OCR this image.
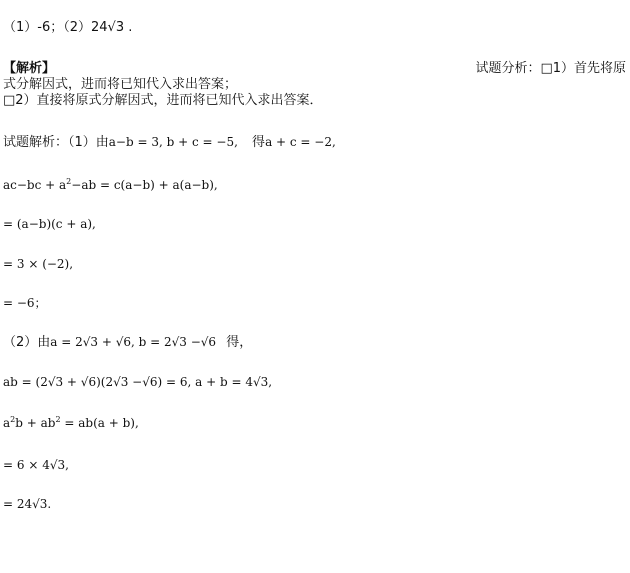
（1）-6；（2）24√3 .
【解析】	试题分析：□1）首先将原
式分解因式，进而将已知代入求出答案；
□2）直接将原式分解因式，进而将已知代入求出答案．
试题解析：（1）由a−b = 3, b + c = −5, 得a + c = −2,
$ac-bc + a^2-ab = c(a-b) + a(a-b)$,
= (a−b)(c + a),
= 3 × (−2),
= −6；
（2）由a = 2√3 + √6, b = 2√3 −√6 得，
ab = (2√3 + √6)(2√3 −√6) = 6, a + b = 4√3,
$a^2b + ab^2 = ab(a + b)$,
= 6 × 4√3,
= 24√3.
